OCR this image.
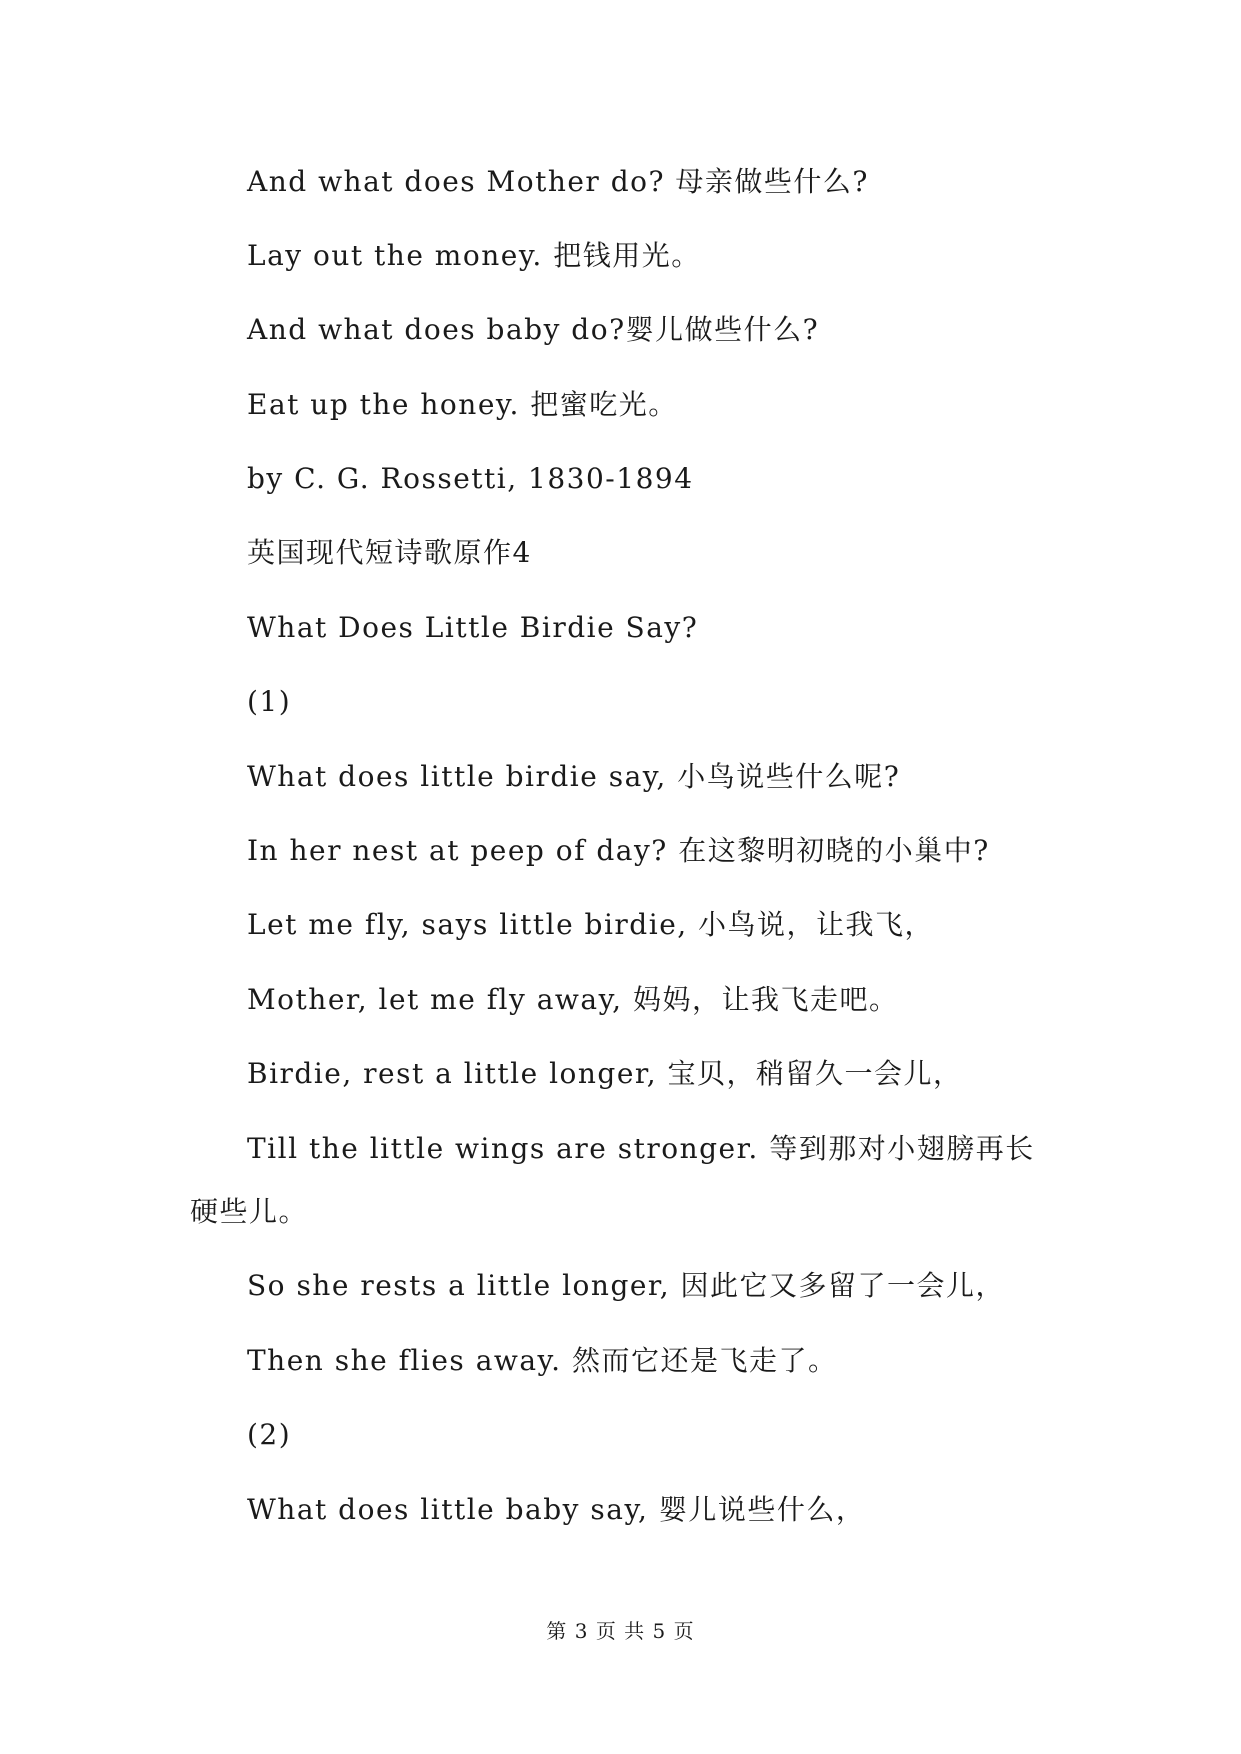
And what does Mother do? 母亲做些什么?
Lay out the money. 把钱用光。
And what does baby do?婴儿做些什么?
Eat up the honey. 把蜜吃光。
by C. G. Rossetti, 1830-1894
英国现代短诗歌原作4
What Does Little Birdie Say?
(1)
What does little birdie say, 小鸟说些什么呢?
In her nest at peep of day? 在这黎明初晓的小巢中?
Let me fly, says little birdie, 小鸟说，让我飞，
Mother, let me fly away, 妈妈，让我飞走吧。
Birdie, rest a little longer, 宝贝，稍留久一会儿，
Till the little wings are stronger. 等到那对小翅膀再长
硬些儿。
So she rests a little longer, 因此它又多留了一会儿，
Then she flies away. 然而它还是飞走了。
(2)
What does little baby say, 婴儿说些什么，
第 3 页 共 5 页
